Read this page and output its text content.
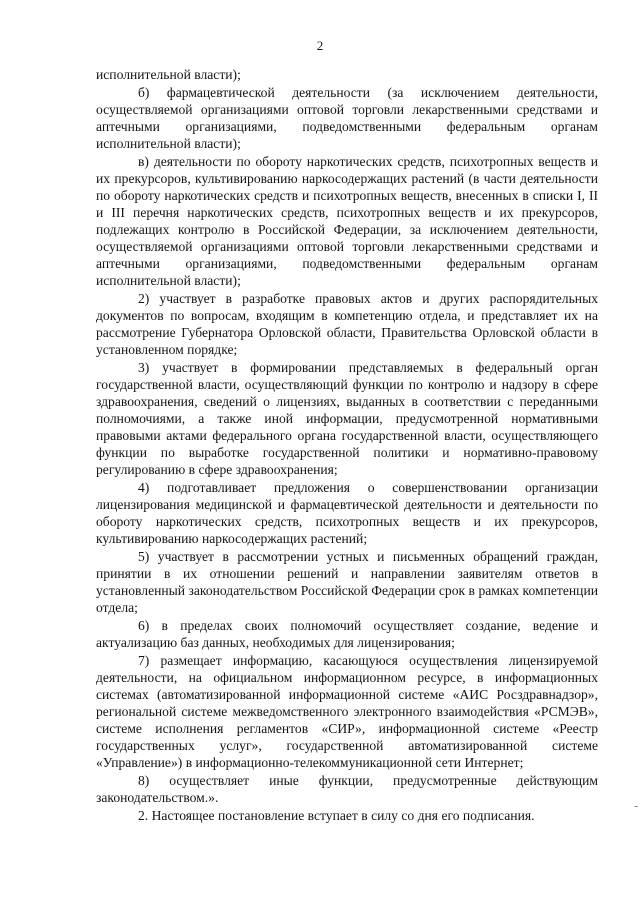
2

исполнительной власти);

б) фармацевтической деятельности (за исключением деятельности, осуществляемой организациями оптовой торговли лекарственными средствами и аптечными организациями, подведомственными федеральным органам исполнительной власти);

в) деятельности по обороту наркотических средств, психотропных веществ и их прекурсоров, культивированию наркосодержащих растений (в части деятельности по обороту наркотических средств и психотропных веществ, внесенных в списки I, II и III перечня наркотических средств, психотропных веществ и их прекурсоров, подлежащих контролю в Российской Федерации, за исключением деятельности, осуществляемой организациями оптовой торговли лекарственными средствами и аптечными организациями, подведомственными федеральным органам исполнительной власти);

2) участвует в разработке правовых актов и других распорядительных документов по вопросам, входящим в компетенцию отдела, и представляет их на рассмотрение Губернатора Орловской области, Правительства Орловской области в установленном порядке;

3) участвует в формировании представляемых в федеральный орган государственной власти, осуществляющий функции по контролю и надзору в сфере здравоохранения, сведений о лицензиях, выданных в соответствии с переданными полномочиями, а также иной информации, предусмотренной нормативными правовыми актами федерального органа государственной власти, осуществляющего функции по выработке государственной политики и нормативно-правовому регулированию в сфере здравоохранения;

4) подготавливает предложения о совершенствовании организации лицензирования медицинской и фармацевтической деятельности и деятельности по обороту наркотических средств, психотропных веществ и их прекурсоров, культивированию наркосодержащих растений;

5) участвует в рассмотрении устных и письменных обращений граждан, принятии в их отношении решений и направлении заявителям ответов в установленный законодательством Российской Федерации срок в рамках компетенции отдела;

6) в пределах своих полномочий осуществляет создание, ведение и актуализацию баз данных, необходимых для лицензирования;

7) размещает информацию, касающуюся осуществления лицензируемой деятельности, на официальном информационном ресурсе, в информационных системах (автоматизированной информационной системе «АИС Росздравнадзор», региональной системе межведомственного электронного взаимодействия «РСМЭВ», системе исполнения регламентов «СИР», информационной системе «Реестр государственных услуг», государственной автоматизированной системе «Управление») в информационно-телекоммуникационной сети Интернет;

8) осуществляет иные функции, предусмотренные действующим законодательством.».

2. Настоящее постановление вступает в силу со дня его подписания.

-
